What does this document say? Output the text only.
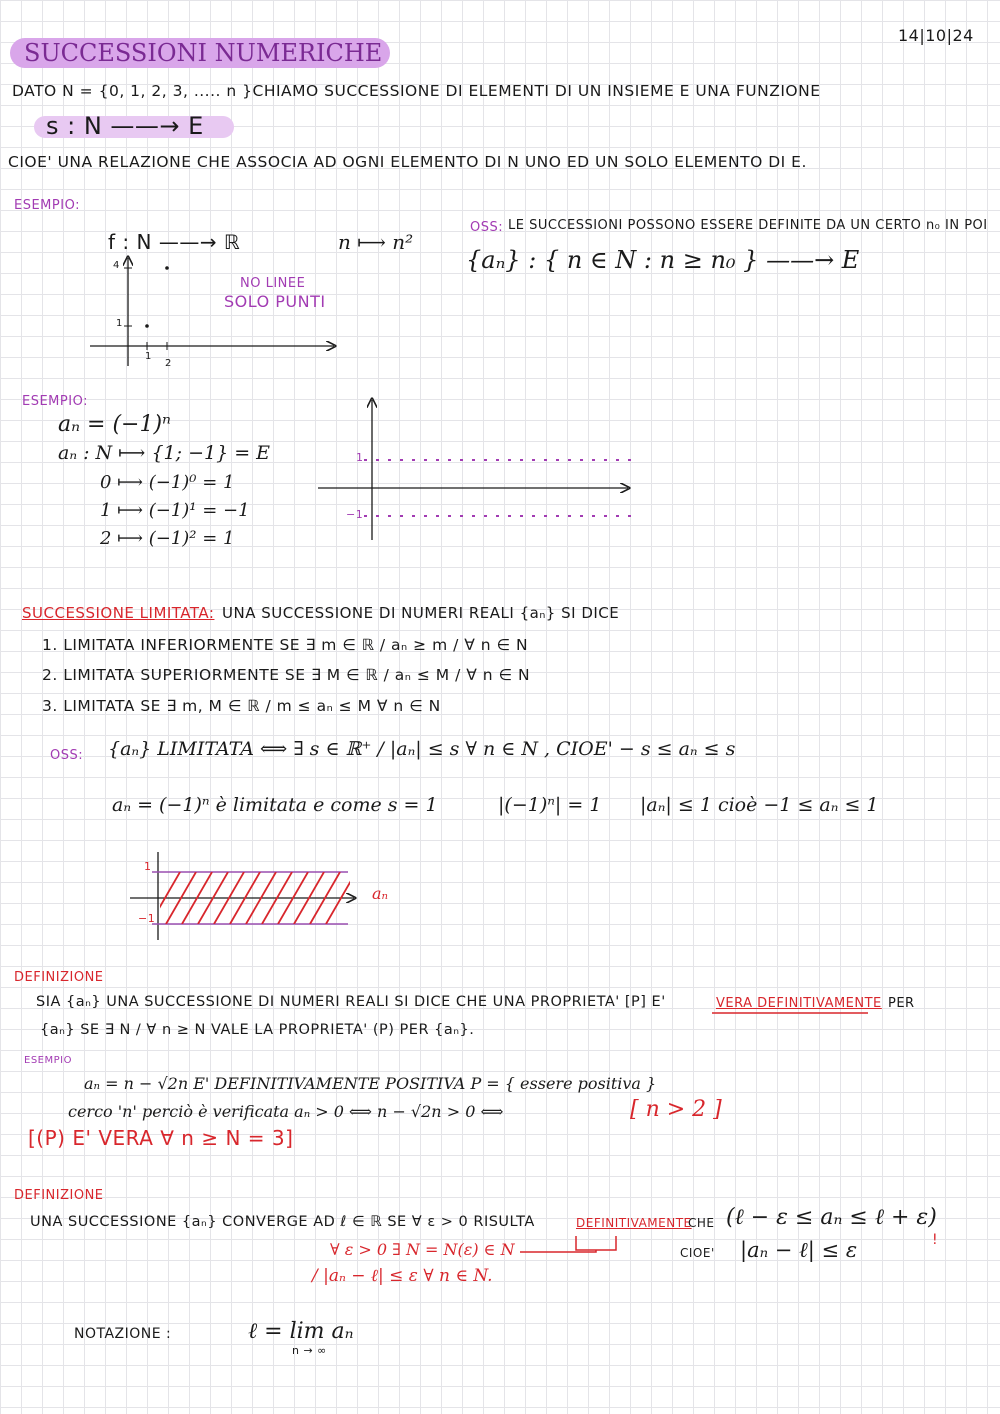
14|10|24
SUCCESSIONI NUMERICHE
DATO N = {0, 1, 2, 3, ..... n }CHIAMO SUCCESSIONE DI ELEMENTI DI UN INSIEME E UNA FUNZIONE
s : N ——→ E
CIOE' UNA RELAZIONE CHE ASSOCIA AD OGNI ELEMENTO DI N UNO ED UN SOLO ELEMENTO DI E.
ESEMPIO:
f : N ——→ ℝ	n ⟼ n²
NO LINEE
SOLO PUNTI
4
1
1
2
OSS: LE SUCCESSIONI POSSONO ESSERE DEFINITE DA UN CERTO n₀ IN POI
{aₙ} : { n ∈ N : n ≥ n₀ } ——→ E
ESEMPIO:
aₙ = (−1)ⁿ
aₙ : N ⟼ {1; −1} = E
0 ⟼ (−1)⁰ = 1
1 ⟼ (−1)¹ = −1
2 ⟼ (−1)² = 1
1
−1
SUCCESSIONE LIMITATA: UNA SUCCESSIONE DI NUMERI REALI {aₙ} SI DICE
1. LIMITATA INFERIORMENTE SE ∃ m ∈ ℝ / aₙ ≥ m / ∀ n ∈ N
2. LIMITATA SUPERIORMENTE SE ∃ M ∈ ℝ / aₙ ≤ M / ∀ n ∈ N
3. LIMITATA SE ∃ m, M ∈ ℝ / m ≤ aₙ ≤ M ∀ n ∈ N
OSS: {aₙ} LIMITATA ⟺ ∃ s ∈ ℝ⁺ / |aₙ| ≤ s ∀ n ∈ N , CIOE' − s ≤ aₙ ≤ s
aₙ = (−1)ⁿ è limitata e come s = 1	|(−1)ⁿ| = 1 |aₙ| ≤ 1 cioè −1 ≤ aₙ ≤ 1
1
−1
aₙ
DEFINIZIONE
SIA {aₙ} UNA SUCCESSIONE DI NUMERI REALI SI DICE CHE UNA PROPRIETA' [P] E'	VERA DEFINITIVAMENTE PER
{aₙ} SE ∃ N / ∀ n ≥ N VALE LA PROPRIETA' (P) PER {aₙ}.
ESEMPIO
aₙ = n − √2n E' DEFINITIVAMENTE POSITIVA P = { essere positiva }
cerco 'n' perciò è verificata aₙ > 0 ⟺ n − √2n > 0 ⟺	[ n > 2 ]
[(P) E' VERA ∀ n ≥ N = 3]
DEFINIZIONE
UNA SUCCESSIONE {aₙ} CONVERGE AD ℓ ∈ ℝ SE ∀ ε > 0 RISULTA	DEFINITIVAMENTE
CHE (ℓ − ε ≤ aₙ ≤ ℓ + ε)
!
∀ ε > 0 ∃ N = N(ε) ∈ N
/ |aₙ − ℓ| ≤ ε ∀ n ∈ N.
CIOE' |aₙ − ℓ| ≤ ε
NOTAZIONE :	ℓ = lim aₙ
n → ∞
